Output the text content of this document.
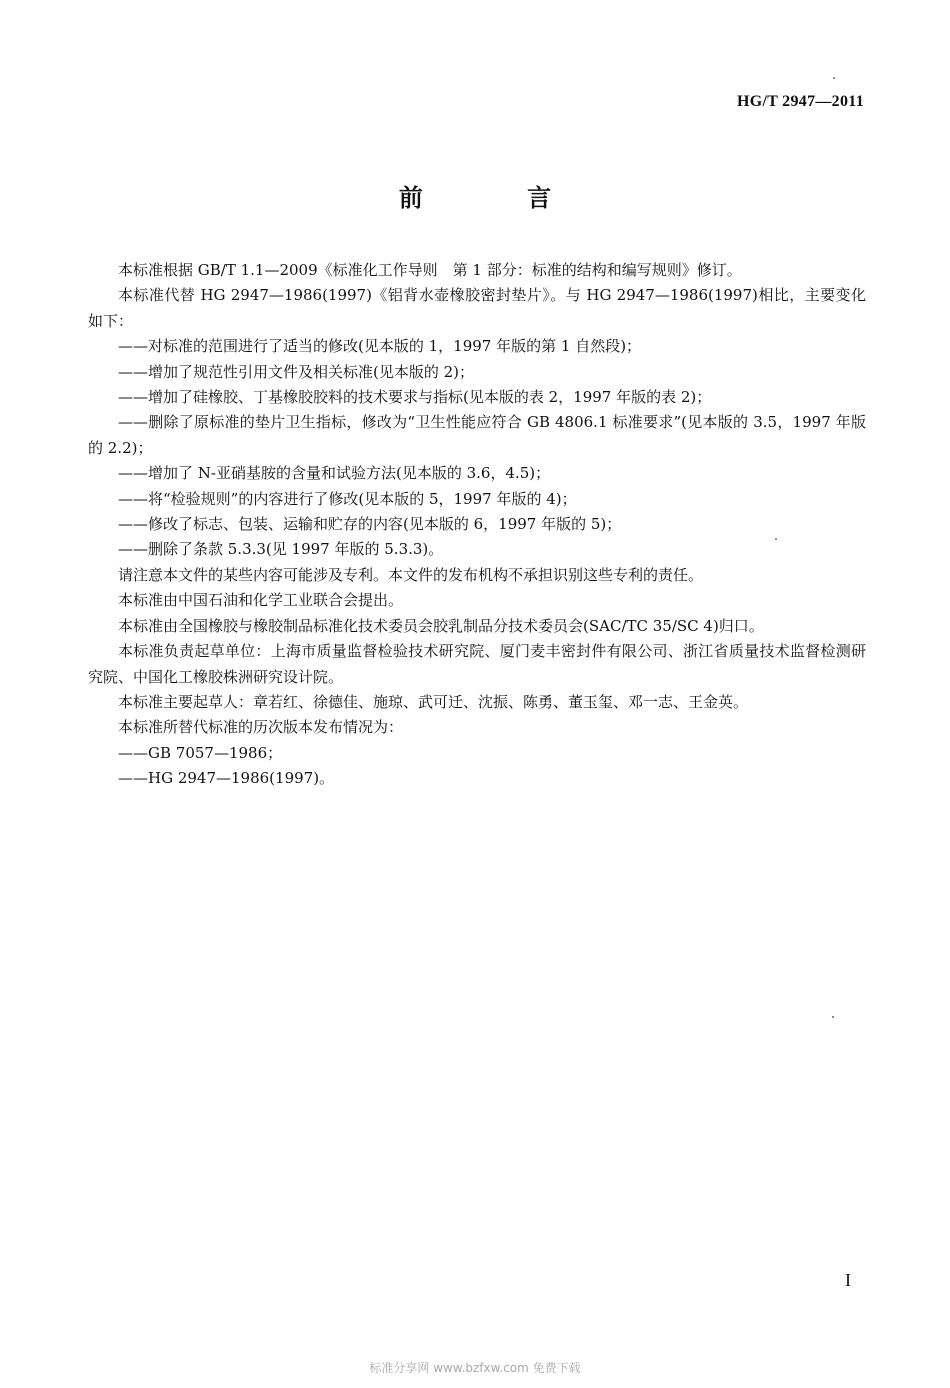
HG/T 2947—2011
前 言

本标准根据 GB/T 1.1—2009《标准化工作导则　第 1 部分：标准的结构和编写规则》修订。

本标准代替 HG 2947—1986(1997)《铝背水壶橡胶密封垫片》。与 HG 2947—1986(1997)相比，主要变化如下：

——对标准的范围进行了适当的修改(见本版的 1，1997 年版的第 1 自然段)；

——增加了规范性引用文件及相关标准(见本版的 2)；

——增加了硅橡胶、丁基橡胶胶料的技术要求与指标(见本版的表 2，1997 年版的表 2)；

——删除了原标准的垫片卫生指标，修改为“卫生性能应符合 GB 4806.1 标准要求”(见本版的 3.5，1997 年版的 2.2)；

——增加了 N-亚硝基胺的含量和试验方法(见本版的 3.6，4.5)；

——将“检验规则”的内容进行了修改(见本版的 5，1997 年版的 4)；

——修改了标志、包装、运输和贮存的内容(见本版的 6，1997 年版的 5)；

——删除了条款 5.3.3(见 1997 年版的 5.3.3)。

请注意本文件的某些内容可能涉及专利。本文件的发布机构不承担识别这些专利的责任。

本标准由中国石油和化学工业联合会提出。

本标准由全国橡胶与橡胶制品标准化技术委员会胶乳制品分技术委员会(SAC/TC 35/SC 4)归口。

本标准负责起草单位：上海市质量监督检验技术研究院、厦门麦丰密封件有限公司、浙江省质量技术监督检测研究院、中国化工橡胶株洲研究设计院。

本标准主要起草人：章若红、徐德佳、施琼、武可迁、沈振、陈勇、董玉玺、邓一志、王金英。

本标准所替代标准的历次版本发布情况为：

——GB 7057—1986；

——HG 2947—1986(1997)。

I
标准分享网 www.bzfxw.com 免费下载
